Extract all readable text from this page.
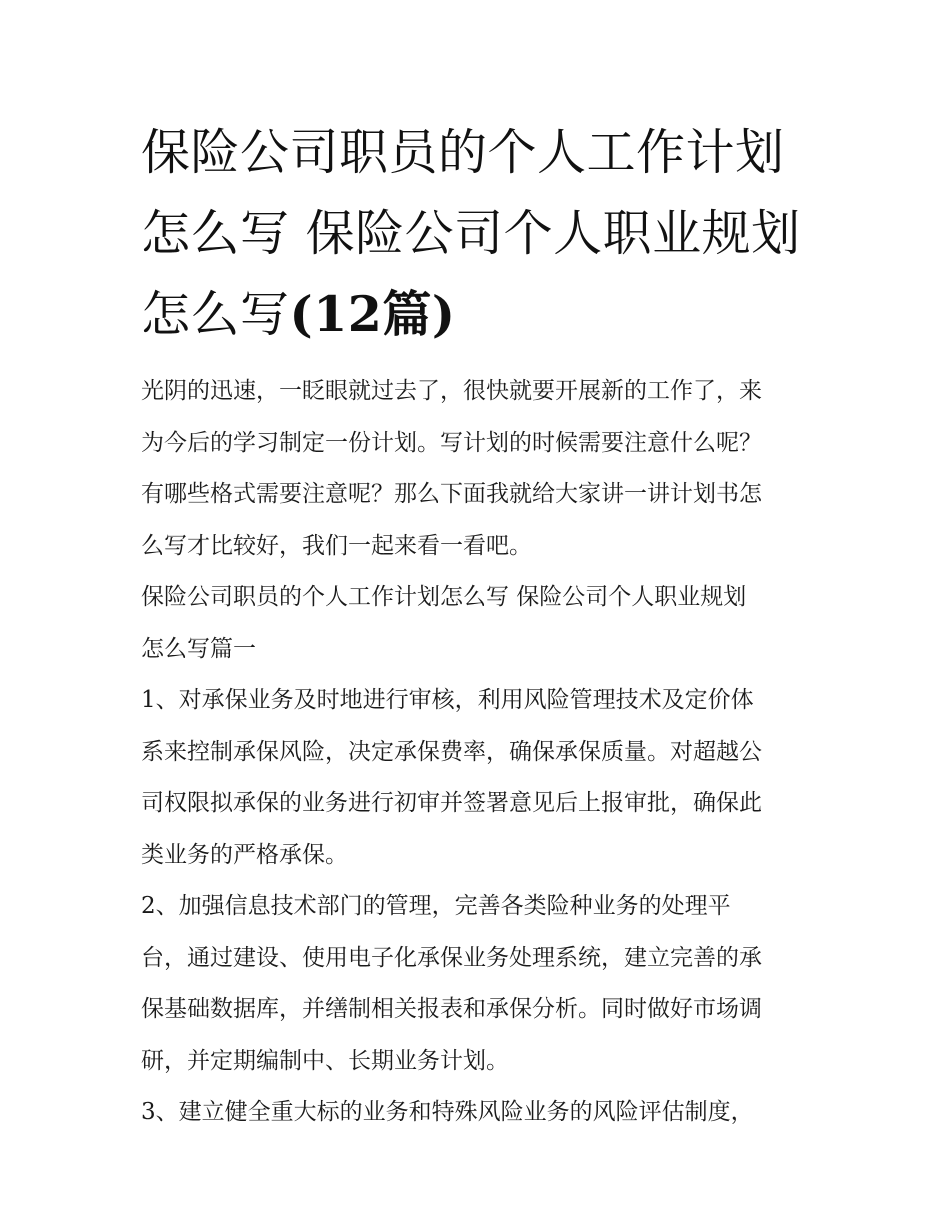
保险公司职员的个人工作计划
怎么写 保险公司个人职业规划
怎么写(12篇)

光阴的迅速，一眨眼就过去了，很快就要开展新的工作了，来
为今后的学习制定一份计划。写计划的时候需要注意什么呢？
有哪些格式需要注意呢？那么下面我就给大家讲一讲计划书怎
么写才比较好，我们一起来看一看吧。

保险公司职员的个人工作计划怎么写 保险公司个人职业规划
怎么写篇一

1、对承保业务及时地进行审核，利用风险管理技术及定价体
系来控制承保风险，决定承保费率，确保承保质量。对超越公
司权限拟承保的业务进行初审并签署意见后上报审批，确保此
类业务的严格承保。

2、加强信息技术部门的管理，完善各类险种业务的处理平
台，通过建设、使用电子化承保业务处理系统，建立完善的承
保基础数据库，并缮制相关报表和承保分析。同时做好市场调
研，并定期编制中、长期业务计划。

3、建立健全重大标的业务和特殊风险业务的风险评估制度，
